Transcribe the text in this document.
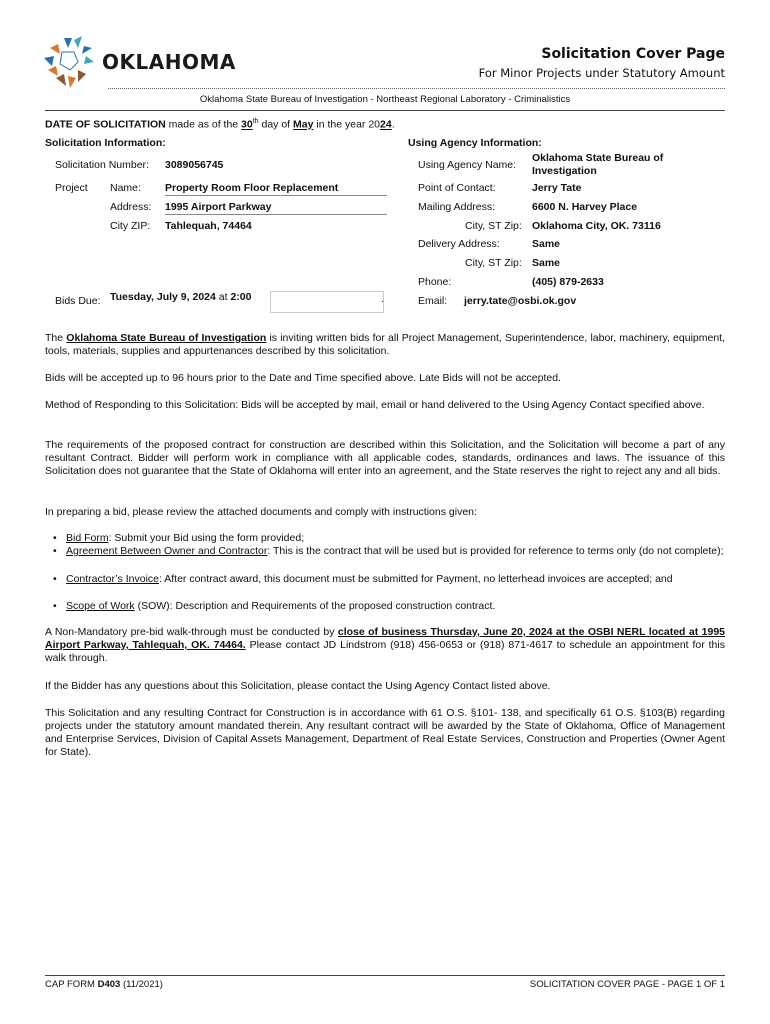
OKLAHOMA	Solicitation Cover Page
For Minor Projects under Statutory Amount
Oklahoma State Bureau of Investigation - Northeast Regional Laboratory - Criminalistics
DATE OF SOLICITATION made as of the 30th day of May in the year 2024.
Solicitation Information:
Solicitation Number: 3089056745
Project Name: Property Room Floor Replacement
Address: 1995 Airport Parkway
City ZIP: Tahlequah, 74464
Bids Due: Tuesday, July 9, 2024 at 2:00	.
Using Agency Information:
Using Agency Name:
Oklahoma State Bureau of Investigation
Point of Contact:	Jerry Tate
Mailing Address:	6600 N. Harvey Place
City, ST Zip: Oklahoma City, OK. 73116
Delivery Address:	Same
City, ST Zip: Same
Phone:	(405) 879-2633
Email: jerry.tate@osbi.ok.gov
The Oklahoma State Bureau of Investigation is inviting written bids for all Project Management, Superintendence, labor, machinery, equipment, tools, materials, supplies and appurtenances described by this solicitation.
Bids will be accepted up to 96 hours prior to the Date and Time specified above. Late Bids will not be accepted.
Method of Responding to this Solicitation: Bids will be accepted by mail, email or hand delivered to the Using Agency Contact specified above.
The requirements of the proposed contract for construction are described within this Solicitation, and the Solicitation will become a part of any resultant Contract. Bidder will perform work in compliance with all applicable codes, standards, ordinances and laws. The issuance of this Solicitation does not guarantee that the State of Oklahoma will enter into an agreement, and the State reserves the right to reject any and all bids.
In preparing a bid, please review the attached documents and comply with instructions given:
• Bid Form: Submit your Bid using the form provided;
• Agreement Between Owner and Contractor: This is the contract that will be used but is provided for reference to terms only (do not complete);
• Contractor’s Invoice: After contract award, this document must be submitted for Payment, no letterhead invoices are accepted; and
• Scope of Work (SOW): Description and Requirements of the proposed construction contract.
A Non-Mandatory pre-bid walk-through must be conducted by close of business Thursday, June 20, 2024 at the OSBI NERL located at 1995 Airport Parkway, Tahlequah, OK. 74464. Please contact JD Lindstrom (918) 456-0653 or (918) 871-4617 to schedule an appointment for this walk through.
If the Bidder has any questions about this Solicitation, please contact the Using Agency Contact listed above.
This Solicitation and any resulting Contract for Construction is in accordance with 61 O.S. §101- 138, and specifically 61 O.S. §103(B) regarding projects under the statutory amount mandated therein. Any resultant contract will be awarded by the State of Oklahoma, Office of Management and Enterprise Services, Division of Capital Assets Management, Department of Real Estate Services, Construction and Properties (Owner Agent for State).
CAP FORM D403 (11/2021)	SOLICITATION COVER PAGE - PAGE 1 OF 1
